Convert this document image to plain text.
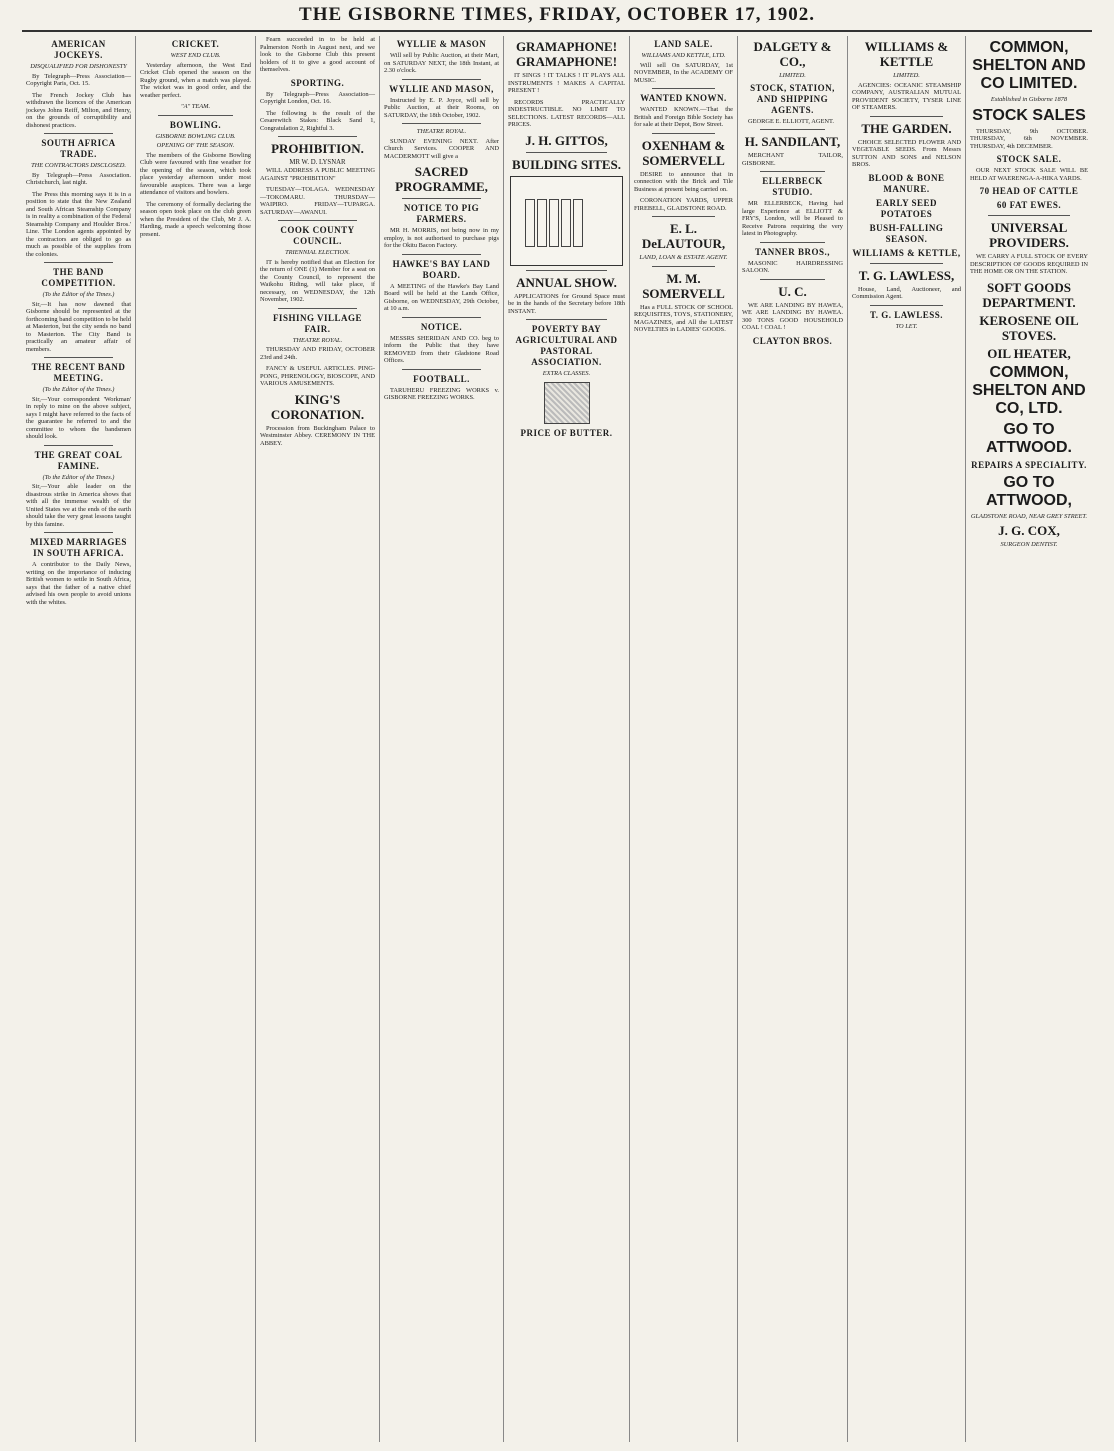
THE GISBORNE TIMES, FRIDAY, OCTOBER 17, 1902.
AMERICAN JOCKEYS.
DISQUALIFIED FOR DISHONESTY
By Telegraph—Press Association—Copyright Paris, Oct. 15.
The French Jockey Club has withdrawn the licences of the American jockeys Johns Reiff, Milton, and Henry, on the grounds of corruptibility and dishonest practices.
SOUTH AFRICA TRADE.
THE CONTRACTORS DISCLOSED.
By Telegraph—Press Association. Christchurch, last night.
The Press this morning says it is in a position to state that the New Zealand and South African Steamship Company is in reality a combination of the Federal Steamship Company and Houlder Bros.' Line. The London agents appointed by the contractors are obliged to go as much as possible of the supplies from the colonies.
THE BAND COMPETITION.
(To the Editor of the Times.)
Sir,—It has now dawned that Gisborne should be represented at the forthcoming band competition to be held at Masterton, but the city sends no band to Masterton. The City Band is practically an amateur affair of members.
THE RECENT BAND MEETING.
(To the Editor of the Times.)
Sir,—Your correspondent 'Workman' in reply to mine on the above subject, says I might have referred to the facts of the guarantee he referred to and the committee to whom the bandsmen should look.
THE GREAT COAL FAMINE.
(To the Editor of the Times.)
Sir,—Your able leader on the disastrous strike in America shows that with all the immense wealth of the United States we at the ends of the earth should take the very great lessons taught by this famine.
MIXED MARRIAGES IN SOUTH AFRICA.
A contributor to the Daily News, writing on the importance of inducing British women to settle in South Africa, says that the father of a native chief advised his own people to avoid unions with the whites.
CRICKET.
WEST END CLUB.
Yesterday afternoon, the West End Cricket Club opened the season on the Rugby ground, when a match was played. The wicket was in good order, and the weather perfect.
"A" TEAM.
BOWLING.
GISBORNE BOWLING CLUB.
OPENING OF THE SEASON.
The members of the Gisborne Bowling Club were favoured with fine weather for the opening of the season, which took place yesterday afternoon under most favourable auspices. There was a large attendance of visitors and bowlers.
The ceremony of formally declaring the season open took place on the club green when the President of the Club, Mr J. A. Harding, made a speech welcoming those present.
Fearn succeeded in to be held at Palmerston North in August next, and we look to the Gisborne Club this present holders of it to give a good account of themselves.
SPORTING.
By Telegraph—Press Association—Copyright London, Oct. 16.
The following is the result of the Cesarewitch Stakes: Black Sand 1, Congratulation 2, Rightful 3.
PROHIBITION.
MR W. D. LYSNAR
WILL ADDRESS A PUBLIC MEETING AGAINST "PROHIBITION"
TUESDAY—TOLAGA. WEDNESDAY—TOKOMARU. THURSDAY—WAIPIRO. FRIDAY—TUPARGA. SATURDAY—AWANUI.
COOK COUNTY COUNCIL.
TRIENNIAL ELECTION.
IT is hereby notified that an Election for the return of ONE (1) Member for a seat on the County Council, to represent the Waikohu Riding, will take place, if necessary, on WEDNESDAY, the 12th November, 1902.
FISHING VILLAGE FAIR.
THEATRE ROYAL.
THURSDAY AND FRIDAY, OCTOBER 23rd and 24th.
FANCY & USEFUL ARTICLES. PING-PONG, PHRENOLOGY, BIOSCOPE, AND VARIOUS AMUSEMENTS.
KING'S CORONATION.
Procession from Buckingham Palace to Westminster Abbey. CEREMONY IN THE ABBEY.
WYLLIE & MASON
Will sell by Public Auction, at their Mart, on SATURDAY NEXT, the 18th Instant, at 2.30 o'clock.
WYLLIE AND MASON,
Instructed by E. P. Joyce, will sell by Public Auction, at their Rooms, on SATURDAY, the 18th October, 1902.
THEATRE ROYAL.
SUNDAY EVENING NEXT. After Church Services. COOPER AND MACDERMOTT will give a
SACRED PROGRAMME,
NOTICE TO PIG FARMERS.
MR H. MORRIS, not being now in my employ, is not authorised to purchase pigs for the Okitu Bacon Factory.
HAWKE'S BAY LAND BOARD.
A MEETING of the Hawke's Bay Land Board will be held at the Lands Office, Gisborne, on WEDNESDAY, 29th October, at 10 a.m.
NOTICE.
MESSRS SHERIDAN AND CO. beg to inform the Public that they have REMOVED from their Gladstone Road Offices.
FOOTBALL.
TARUHERU FREEZING WORKS v. GISBORNE FREEZING WORKS.
GRAMAPHONE! GRAMAPHONE!
IT SINGS ! IT TALKS ! IT PLAYS ALL INSTRUMENTS ! MAKES A CAPITAL PRESENT !
RECORDS PRACTICALLY INDESTRUCTIBLE. NO LIMIT TO SELECTIONS. LATEST RECORDS—ALL PRICES.
J. H. GITTOS,
BUILDING SITES.
ANNUAL SHOW.
APPLICATIONS for Ground Space must be in the hands of the Secretary before 18th INSTANT.
POVERTY BAY AGRICULTURAL AND PASTORAL ASSOCIATION.
EXTRA CLASSES.
PRICE OF BUTTER.
LAND SALE.
WILLIAMS AND KETTLE, LTD.
Will sell On SATURDAY, 1st NOVEMBER, In the ACADEMY OF MUSIC.
WANTED KNOWN.
WANTED KNOWN.—That the British and Foreign Bible Society has for sale at their Depot, Bow Street.
OXENHAM & SOMERVELL
DESIRE to announce that in connection with the Brick and Tile Business at present being carried on.
CORONATION YARDS, UPPER FIREBELL, GLADSTONE ROAD.
E. L. DeLAUTOUR,
LAND, LOAN & ESTATE AGENT.
M. M. SOMERVELL
Has a FULL STOCK OF SCHOOL REQUISITES, TOYS, STATIONERY, MAGAZINES, and All the LATEST NOVELTIES in LADIES' GOODS.
DALGETY & CO.,
LIMITED.
STOCK, STATION, AND SHIPPING AGENTS.
GEORGE E. ELLIOTT, AGENT.
H. SANDILANT,
MERCHANT TAILOR, GISBORNE.
ELLERBECK STUDIO.
MR ELLERBECK, Having had large Experience at ELLIOTT & FRY'S, London, will be Pleased to Receive Patrons requiring the very latest in Photography.
TANNER BROS.,
MASONIC HAIRDRESSING SALOON.
U. C.
WE ARE LANDING BY HAWEA, WE ARE LANDING BY HAWEA. 300 TONS GOOD HOUSEHOLD COAL ! COAL !
CLAYTON BROS.
WILLIAMS & KETTLE
LIMITED.
AGENCIES: OCEANIC STEAMSHIP COMPANY, AUSTRALIAN MUTUAL PROVIDENT SOCIETY, TYSER LINE OF STEAMERS.
THE GARDEN.
CHOICE SELECTED FLOWER AND VEGETABLE SEEDS. From Messrs SUTTON AND SONS and NELSON BROS.
BLOOD & BONE MANURE.
EARLY SEED POTATOES
BUSH-FALLING SEASON.
WILLIAMS & KETTLE,
T. G. LAWLESS,
House, Land, Auctioneer, and Commission Agent.
T. G. LAWLESS.
TO LET.
COMMON, SHELTON AND CO LIMITED.
Established in Gisborne 1878
STOCK SALES
THURSDAY, 9th OCTOBER. THURSDAY, 6th NOVEMBER. THURSDAY, 4th DECEMBER.
STOCK SALE.
OUR NEXT STOCK SALE WILL BE HELD AT WAERENGA-A-HIKA YARDS.
70 HEAD OF CATTLE
60 FAT EWES.
UNIVERSAL PROVIDERS.
WE CARRY A FULL STOCK OF EVERY DESCRIPTION OF GOODS REQUIRED IN THE HOME OR ON THE STATION.
SOFT GOODS DEPARTMENT.
KEROSENE OIL STOVES.
OIL HEATER,
COMMON, SHELTON AND CO, LTD.
GO TO ATTWOOD.
REPAIRS A SPECIALITY.
GO TO ATTWOOD,
GLADSTONE ROAD, NEAR GREY STREET.
J. G. COX,
SURGEON DENTIST.
